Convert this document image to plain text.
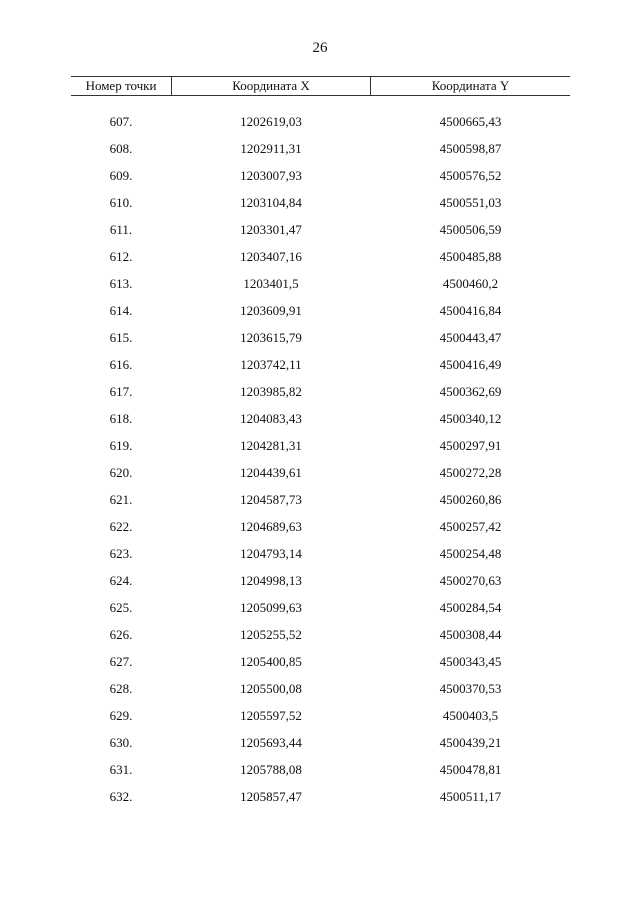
26
Номер точки	Координата X	Координата Y
607.	1202619,03	4500665,43
608.	1202911,31	4500598,87
609.	1203007,93	4500576,52
610.	1203104,84	4500551,03
611.	1203301,47	4500506,59
612.	1203407,16	4500485,88
613.	1203401,5	4500460,2
614.	1203609,91	4500416,84
615.	1203615,79	4500443,47
616.	1203742,11	4500416,49
617.	1203985,82	4500362,69
618.	1204083,43	4500340,12
619.	1204281,31	4500297,91
620.	1204439,61	4500272,28
621.	1204587,73	4500260,86
622.	1204689,63	4500257,42
623.	1204793,14	4500254,48
624.	1204998,13	4500270,63
625.	1205099,63	4500284,54
626.	1205255,52	4500308,44
627.	1205400,85	4500343,45
628.	1205500,08	4500370,53
629.	1205597,52	4500403,5
630.	1205693,44	4500439,21
631.	1205788,08	4500478,81
632.	1205857,47	4500511,17
